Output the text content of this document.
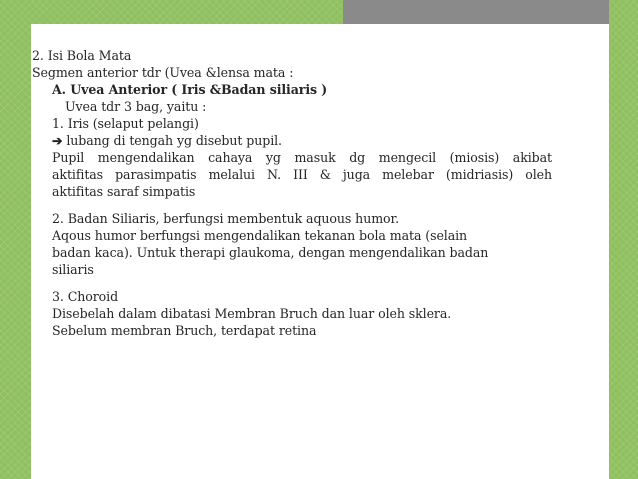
2. Isi Bola Mata
Segmen anterior tdr (Uvea &lensa mata :
A. Uvea Anterior ( Iris &Badan siliaris )
Uvea tdr 3 bag, yaitu :
1. Iris (selaput pelangi)
➔ lubang di tengah yg disebut pupil.
Pupil mengendalikan cahaya yg masuk dg mengecil (miosis) akibat
aktifitas parasimpatis melalui N. III & juga melebar (midriasis) oleh
aktifitas saraf simpatis
2. Badan Siliaris, berfungsi membentuk aquous humor.
Aqous humor berfungsi mengendalikan tekanan bola mata (selain
badan kaca). Untuk therapi glaukoma, dengan mengendalikan badan
siliaris
3. Choroid
Disebelah dalam dibatasi Membran Bruch dan luar oleh sklera.
Sebelum membran Bruch, terdapat retina
